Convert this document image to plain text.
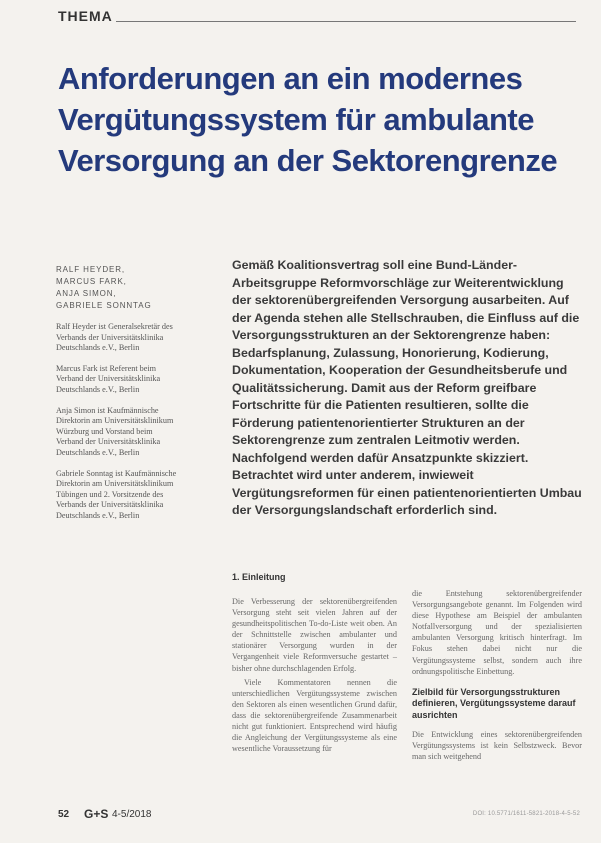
THEMA
Anforderungen an ein modernes Vergütungssystem für ambulante Versorgung an der Sektorengrenze
RALF HEYDER,
MARCUS FARK,
ANJA SIMON,
GABRIELE SONNTAG

Ralf Heyder ist Generalsekretär des Verbands der Universitätsklinika Deutschlands e.V., Berlin

Marcus Fark ist Referent beim Verband der Universitätsklinika Deutschlands e.V., Berlin

Anja Simon ist Kaufmännische Direktorin am Universitätsklinikum Würzburg und Vorstand beim Verband der Universitätsklinika Deutschlands e.V., Berlin

Gabriele Sonntag ist Kaufmännische Direktorin am Universitätsklinikum Tübingen und 2. Vorsitzende des Verbands der Universitätsklinika Deutschlands e.V., Berlin

Gemäß Koalitionsvertrag soll eine Bund-Länder-Arbeitsgruppe Reformvorschläge zur Weiterentwicklung der sektorenübergreifenden Versorgung ausarbeiten. Auf der Agenda stehen alle Stellschrauben, die Einfluss auf die Versorgungsstrukturen an der Sektorengrenze haben: Bedarfsplanung, Zulassung, Honorierung, Kodierung, Dokumentation, Kooperation der Gesundheitsberufe und Qualitätssicherung. Damit aus der Reform greifbare Fortschritte für die Patienten resultieren, sollte die Förderung patientenorientierter Strukturen an der Sektorengrenze zum zentralen Leitmotiv werden. Nachfolgend werden dafür Ansatzpunkte skizziert. Betrachtet wird unter anderem, inwieweit Vergütungsreformen für einen patientenorientierten Umbau der Versorgungslandschaft erforderlich sind.

1. Einleitung

Die Verbesserung der sektorenübergreifenden Versorgung steht seit vielen Jahren auf der gesundheitspolitischen To-do-Liste weit oben. An der Schnittstelle zwischen ambulanter und stationärer Versorgung wurden in der Vergangenheit viele Reformversuche gestartet – bisher ohne durchschlagenden Erfolg.

Viele Kommentatoren nennen die unterschiedlichen Vergütungssysteme zwischen den Sektoren als einen wesentlichen Grund dafür, dass die sektorenübergreifende Zusammenarbeit nicht gut funktioniert. Entsprechend wird häufig die Angleichung der Vergütungssysteme als eine wesentliche Voraussetzung für

die Entstehung sektorenübergreifender Versorgungsangebote genannt. Im Folgenden wird diese Hypothese am Beispiel der ambulanten Notfallversorgung und der spezialisierten ambulanten Versorgung kritisch hinterfragt. Im Fokus stehen dabei nicht nur die Vergütungssysteme selbst, sondern auch ihre ordnungspolitische Einbettung.

Zielbild für Versorgungsstrukturen definieren, Vergütungssysteme darauf ausrichten

Die Entwicklung eines sektorenübergreifenden Vergütungssystems ist kein Selbstzweck. Bevor man sich weitgehend

52 G+S 4-5/2018	DOI: 10.5771/1611-5821-2018-4-5-52
